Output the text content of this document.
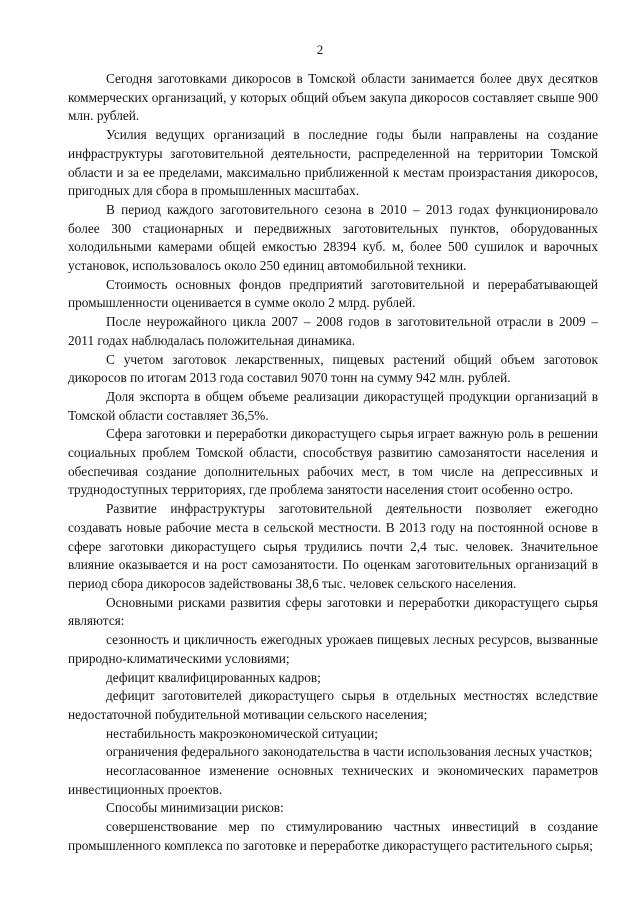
2

Сегодня заготовками дикоросов в Томской области занимается более двух десятков коммерческих организаций, у которых общий объем закупа дикоросов составляет свыше 900 млн. рублей.

Усилия ведущих организаций в последние годы были направлены на создание инфраструктуры заготовительной деятельности, распределенной на территории Томской области и за ее пределами, максимально приближенной к местам произрастания дикоросов, пригодных для сбора в промышленных масштабах.

В период каждого заготовительного сезона в 2010 – 2013 годах функционировало более 300 стационарных и передвижных заготовительных пунктов, оборудованных холодильными камерами общей емкостью 28394 куб. м, более 500 сушилок и варочных установок, использовалось около 250 единиц автомобильной техники.

Стоимость основных фондов предприятий заготовительной и перерабатывающей промышленности оценивается в сумме около 2 млрд. рублей.

После неурожайного цикла 2007 – 2008 годов в заготовительной отрасли в 2009 – 2011 годах наблюдалась положительная динамика.

С учетом заготовок лекарственных, пищевых растений общий объем заготовок дикоросов по итогам 2013 года составил 9070 тонн на сумму 942 млн. рублей.

Доля экспорта в общем объеме реализации дикорастущей продукции организаций в Томской области составляет 36,5%.

Сфера заготовки и переработки дикорастущего сырья играет важную роль в решении социальных проблем Томской области, способствуя развитию самозанятости населения и обеспечивая создание дополнительных рабочих мест, в том числе на депрессивных и труднодоступных территориях, где проблема занятости населения стоит особенно остро.

Развитие инфраструктуры заготовительной деятельности позволяет ежегодно создавать новые рабочие места в сельской местности. В 2013 году на постоянной основе в сфере заготовки дикорастущего сырья трудились почти 2,4 тыс. человек. Значительное влияние оказывается и на рост самозанятости. По оценкам заготовительных организаций в период сбора дикоросов задействованы 38,6 тыс. человек сельского населения.

Основными рисками развития сферы заготовки и переработки дикорастущего сырья являются:

сезонность и цикличность ежегодных урожаев пищевых лесных ресурсов, вызванные природно-климатическими условиями;

дефицит квалифицированных кадров;

дефицит заготовителей дикорастущего сырья в отдельных местностях вследствие недостаточной побудительной мотивации сельского населения;

нестабильность макроэкономической ситуации;

ограничения федерального законодательства в части использования лесных участков;

несогласованное изменение основных технических и экономических параметров инвестиционных проектов.

Способы минимизации рисков:

совершенствование мер по стимулированию частных инвестиций в создание промышленного комплекса по заготовке и переработке дикорастущего растительного сырья;
